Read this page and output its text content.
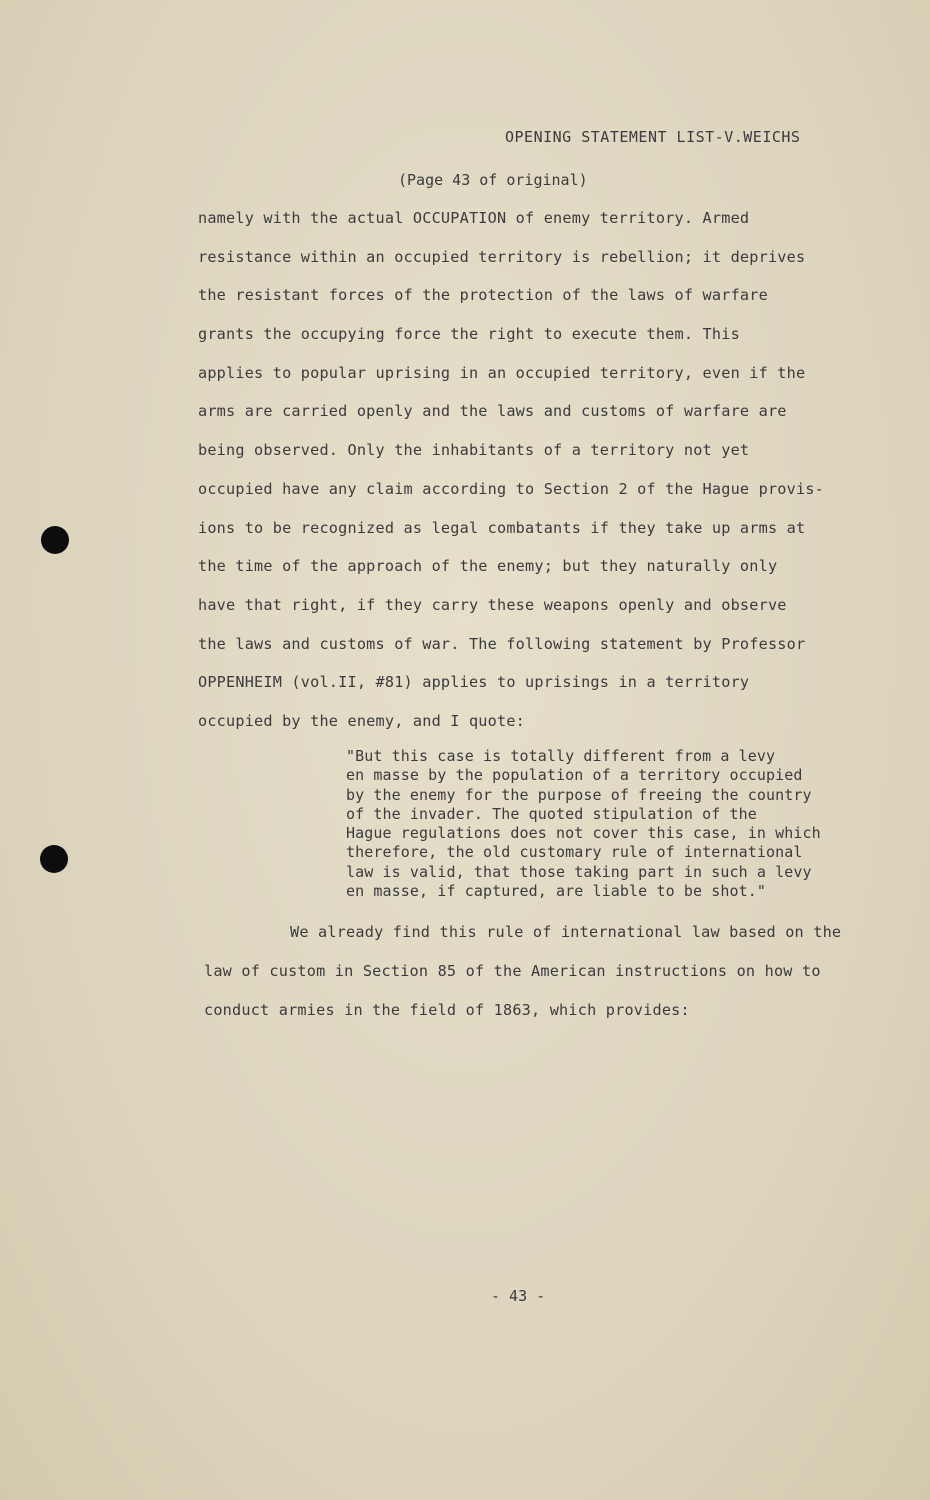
OPENING STATEMENT LIST-V.WEICHS
(Page 43 of original)
namely with the actual OCCUPATION of enemy territory. Armed
resistance within an occupied territory is rebellion; it deprives
the resistant forces of the protection of the laws of warfare
grants the occupying force the right to execute them. This
applies to popular uprising in an occupied territory, even if the
arms are carried openly and the laws and customs of warfare are
being observed. Only the inhabitants of a territory not yet
occupied have any claim according to Section 2 of the Hague provis-
ions to be recognized as legal combatants if they take up arms at
the time of the approach of the enemy; but they naturally only
have that right, if they carry these weapons openly and observe
the laws and customs of war. The following statement by Professor
OPPENHEIM (vol.II, #81) applies to uprisings in a territory
occupied by the enemy, and I quote:
"But this case is totally different from a levy
en masse by the population of a territory occupied
by the enemy for the purpose of freeing the country
of the invader. The quoted stipulation of the
Hague regulations does not cover this case, in which
therefore, the old customary rule of international
law is valid, that those taking part in such a levy
en masse, if captured, are liable to be shot."
We already find this rule of international law based on the
law of custom in Section 85 of the American instructions on how to
conduct armies in the field of 1863, which provides:
- 43 -
